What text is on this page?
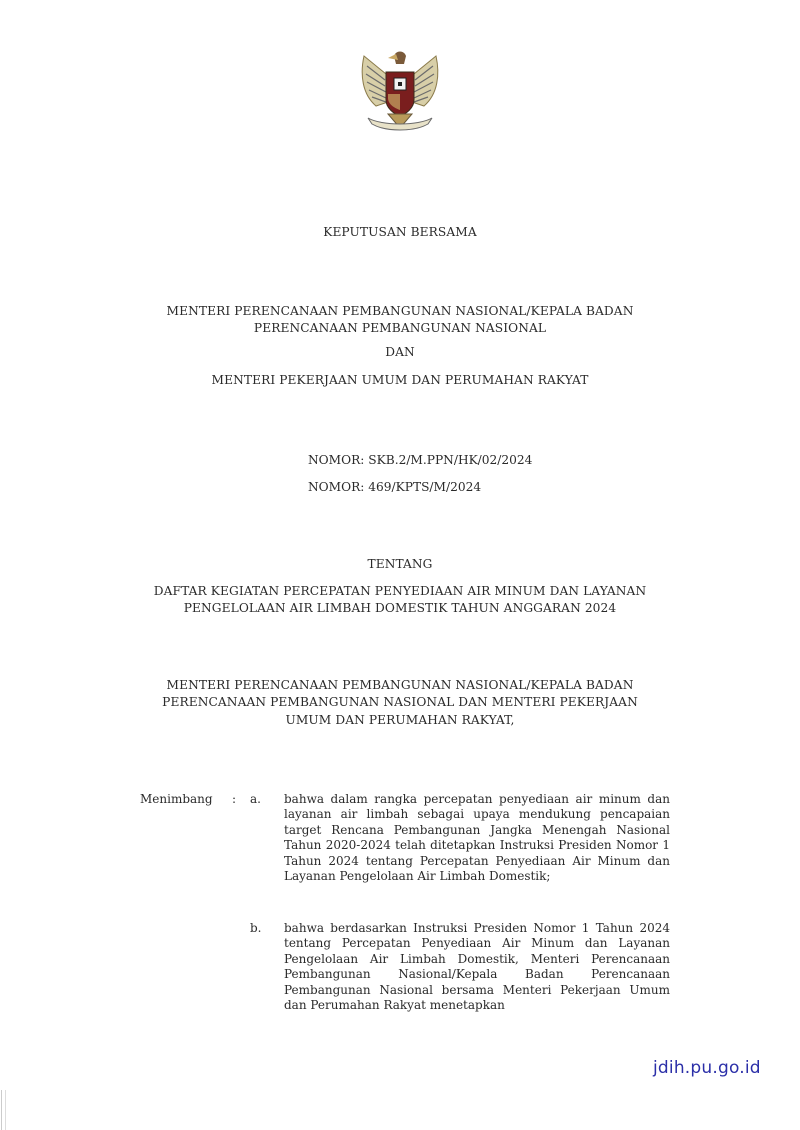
KEPUTUSAN BERSAMA
MENTERI PERENCANAAN PEMBANGUNAN NASIONAL/KEPALA BADAN
PERENCANAAN PEMBANGUNAN NASIONAL
DAN
MENTERI PEKERJAAN UMUM DAN PERUMAHAN RAKYAT
NOMOR: SKB.2/M.PPN/HK/02/2024
NOMOR: 469/KPTS/M/2024
TENTANG
DAFTAR KEGIATAN PERCEPATAN PENYEDIAAN AIR MINUM DAN LAYANAN
PENGELOLAAN AIR LIMBAH DOMESTIK TAHUN ANGGARAN 2024
MENTERI PERENCANAAN PEMBANGUNAN NASIONAL/KEPALA BADAN
PERENCANAAN PEMBANGUNAN NASIONAL DAN MENTERI PEKERJAAN
UMUM DAN PERUMAHAN RAKYAT,
Menimbang : a. bahwa dalam rangka percepatan penyediaan air minum dan layanan air limbah sebagai upaya mendukung pencapaian target Rencana Pembangunan Jangka Menengah Nasional Tahun 2020-2024 telah ditetapkan Instruksi Presiden Nomor 1 Tahun 2024 tentang Percepatan Penyediaan Air Minum dan Layanan Pengelolaan Air Limbah Domestik;
b. bahwa berdasarkan Instruksi Presiden Nomor 1 Tahun 2024 tentang Percepatan Penyediaan Air Minum dan Layanan Pengelolaan Air Limbah Domestik, Menteri Perencanaan Pembangunan Nasional/Kepala Badan Perencanaan Pembangunan Nasional bersama Menteri Pekerjaan Umum dan Perumahan Rakyat menetapkan
jdih.pu.go.id
